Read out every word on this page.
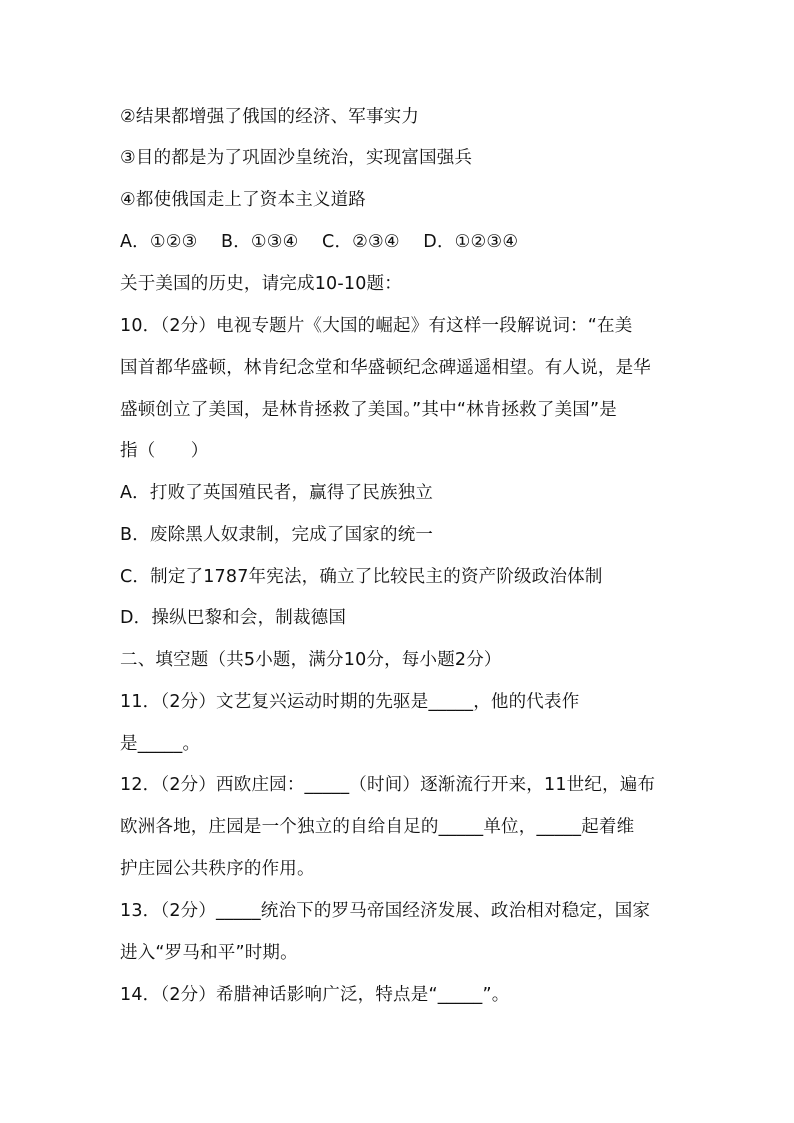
②结果都增强了俄国的经济、军事实力
③目的都是为了巩固沙皇统治，实现富国强兵
④都使俄国走上了资本主义道路
A．①②③　 B．①③④　 C．②③④　 D．①②③④
关于美国的历史，请完成10-10题：
10．（2分）电视专题片《大国的崛起》有这样一段解说词：“在美
国首都华盛顿，林肯纪念堂和华盛顿纪念碑遥遥相望。有人说，是华
盛顿创立了美国，是林肯拯救了美国。”其中“林肯拯救了美国”是
指（　　）
A．打败了英国殖民者，赢得了民族独立
B．废除黑人奴隶制，完成了国家的统一
C．制定了1787年宪法，确立了比较民主的资产阶级政治体制
D．操纵巴黎和会，制裁德国
二、填空题（共5小题，满分10分，每小题2分）
11．（2分）文艺复兴运动时期的先驱是_____，他的代表作
是_____。
12．（2分）西欧庄园：_____（时间）逐渐流行开来，11世纪，遍布
欧洲各地，庄园是一个独立的自给自足的_____单位，_____起着维
护庄园公共秩序的作用。
13．（2分）_____统治下的罗马帝国经济发展、政治相对稳定，国家
进入“罗马和平”时期。
14．（2分）希腊神话影响广泛，特点是“_____”。
